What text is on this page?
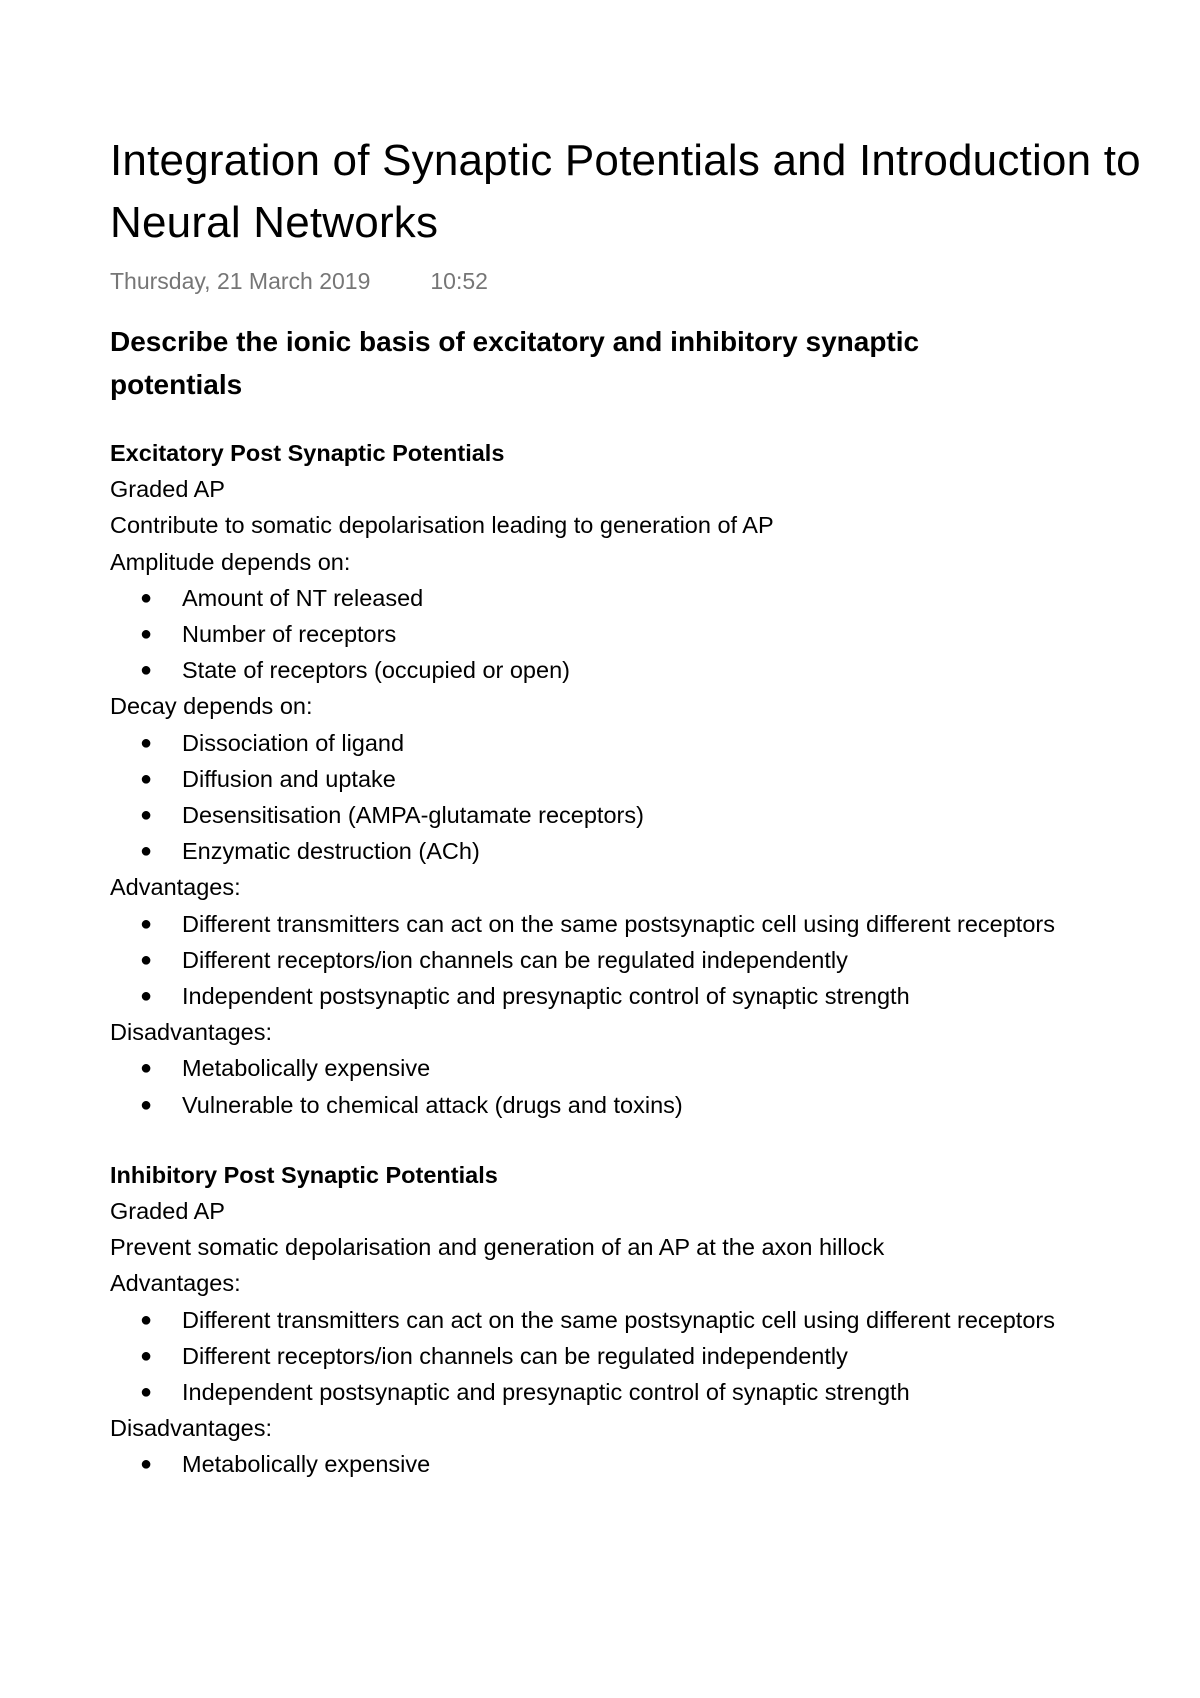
Integration of Synaptic Potentials and Introduction to Neural Networks
Thursday, 21 March 2019	10:52
Describe the ionic basis of excitatory and inhibitory synaptic potentials
Excitatory Post Synaptic Potentials
Graded AP
Contribute to somatic depolarisation leading to generation of AP
Amplitude depends on:
● Amount of NT released
● Number of receptors
● State of receptors (occupied or open)
Decay depends on:
● Dissociation of ligand
● Diffusion and uptake
● Desensitisation (AMPA-glutamate receptors)
● Enzymatic destruction (ACh)
Advantages:
● Different transmitters can act on the same postsynaptic cell using different receptors
● Different receptors/ion channels can be regulated independently
● Independent postsynaptic and presynaptic control of synaptic strength
Disadvantages:
● Metabolically expensive
● Vulnerable to chemical attack (drugs and toxins)
Inhibitory Post Synaptic Potentials
Graded AP
Prevent somatic depolarisation and generation of an AP at the axon hillock
Advantages:
● Different transmitters can act on the same postsynaptic cell using different receptors
● Different receptors/ion channels can be regulated independently
● Independent postsynaptic and presynaptic control of synaptic strength
Disadvantages:
● Metabolically expensive
